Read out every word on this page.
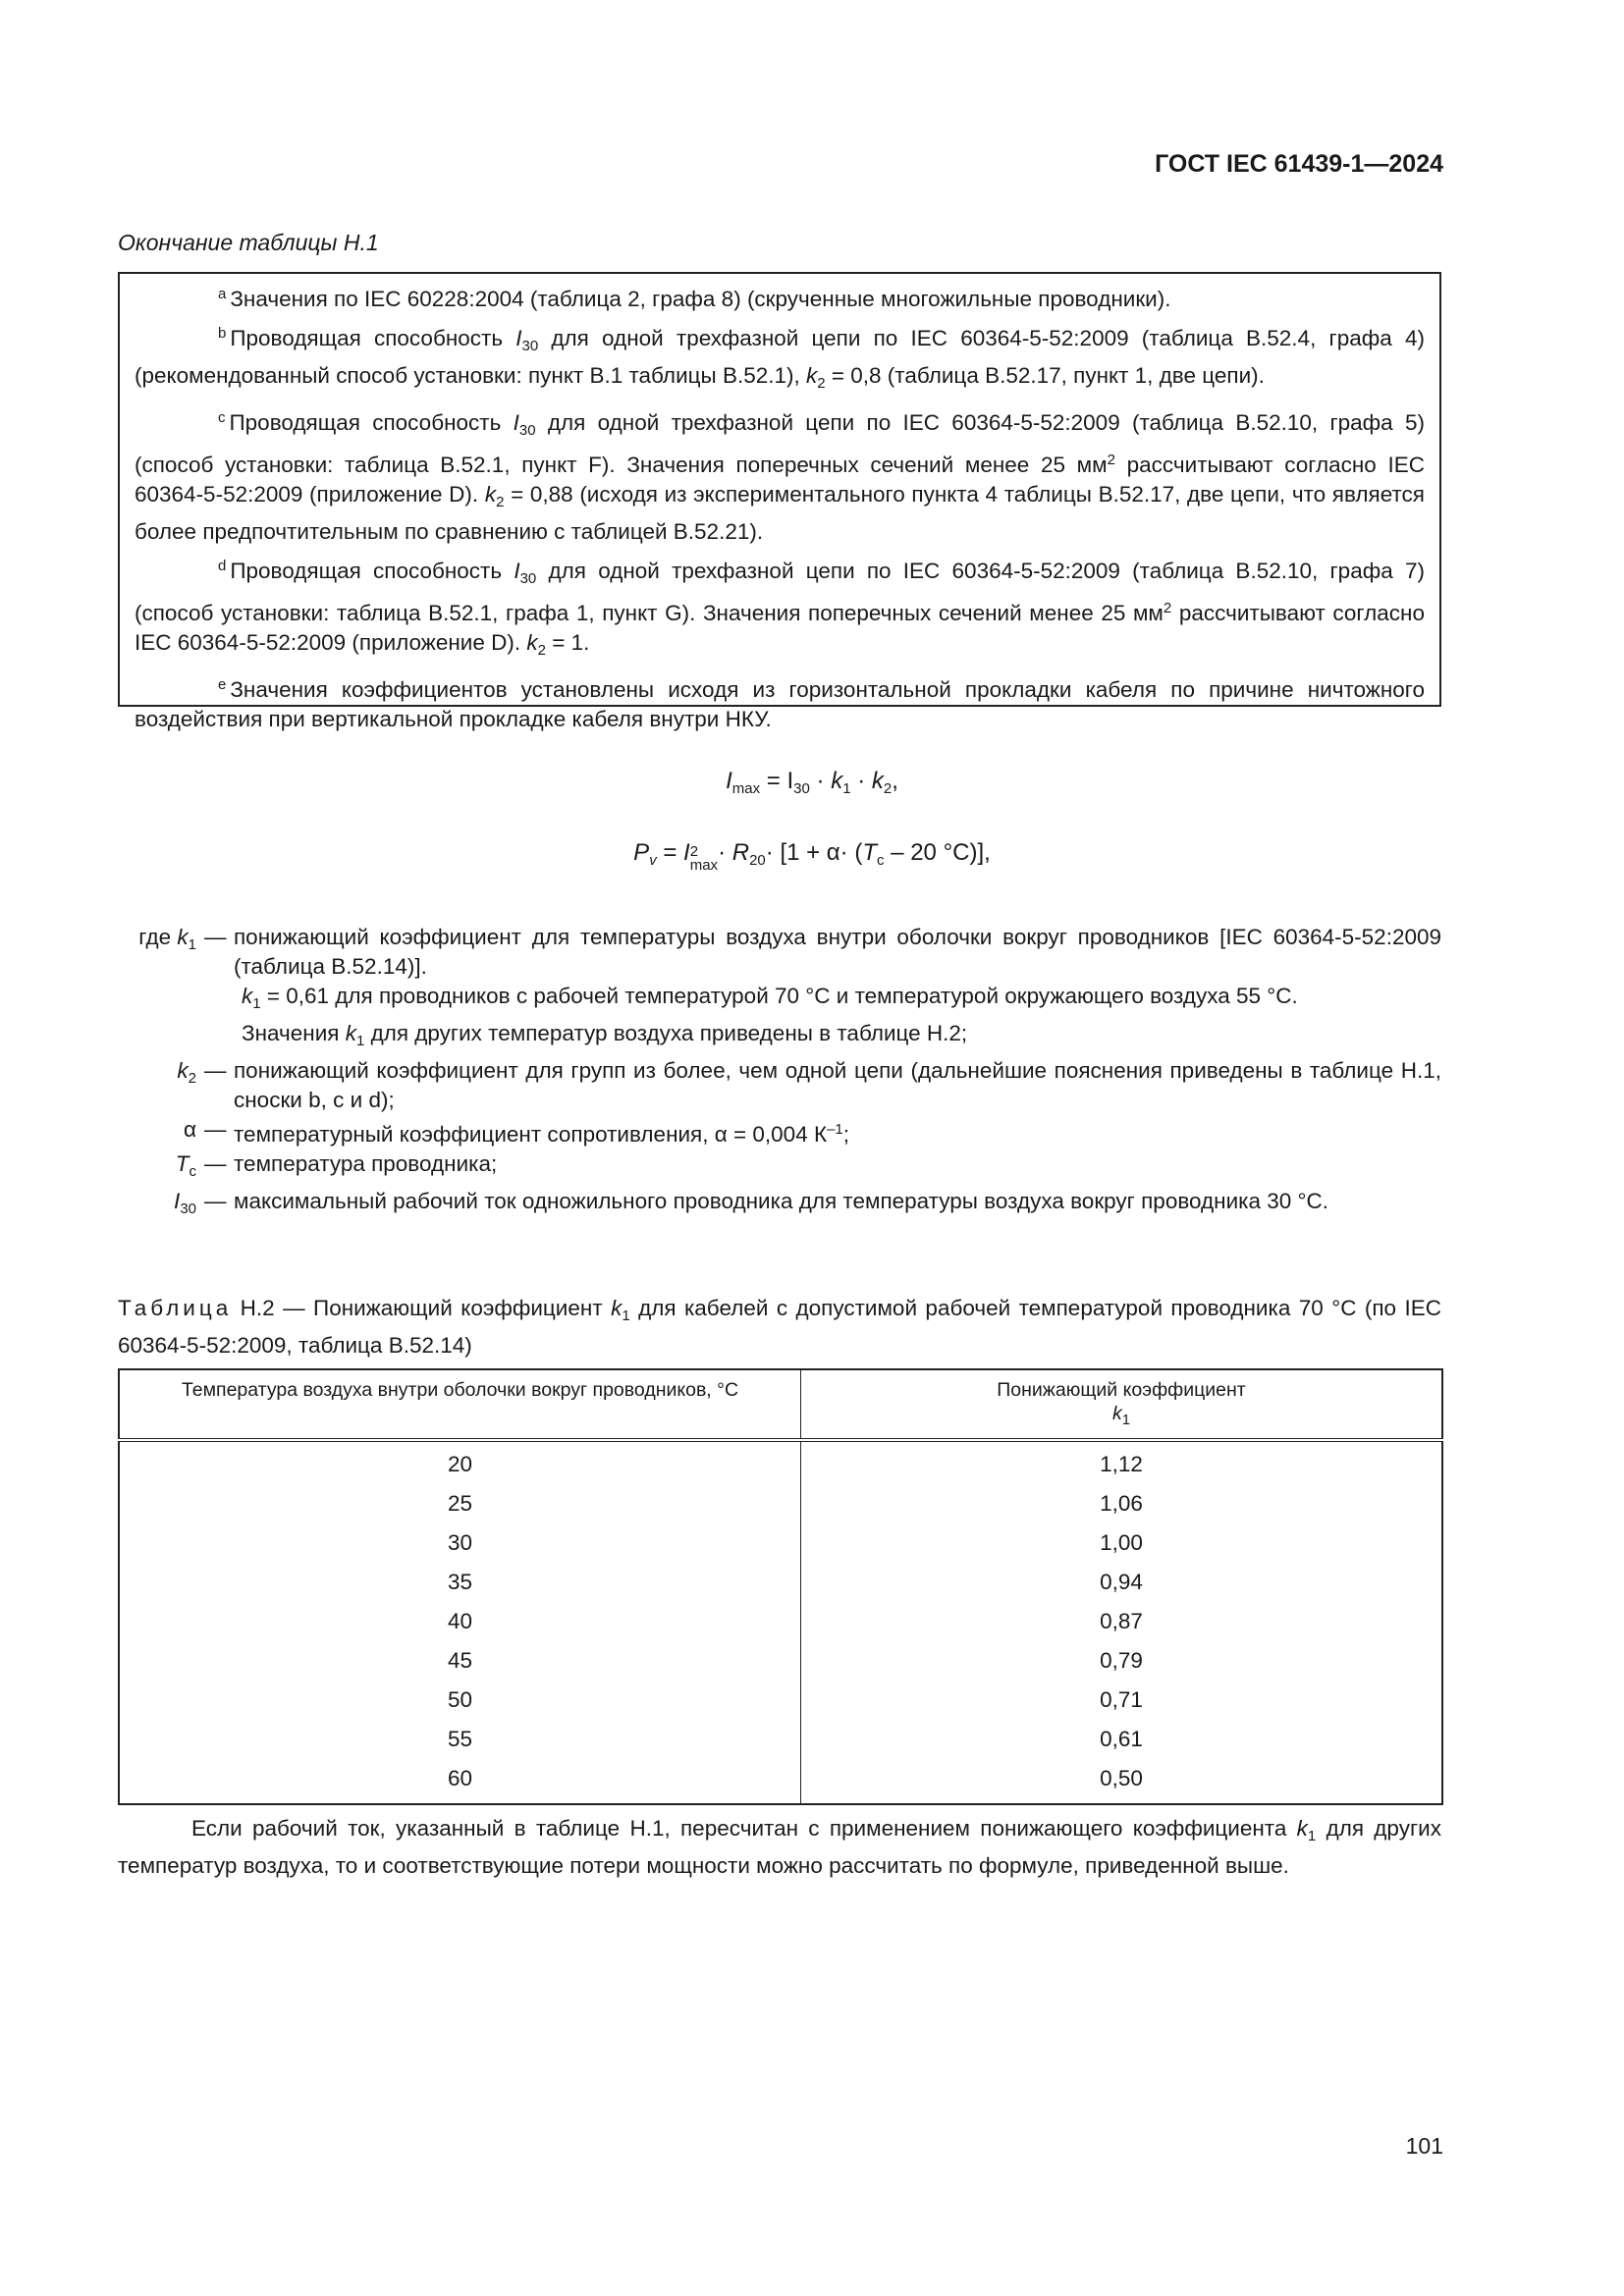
ГОСТ IEC 61439-1—2024
Окончание таблицы Н.1

$^a$ Значения по IEC 60228:2004 (таблица 2, графа 8) (скрученные многожильные проводники).

$^b$ Проводящая способность $I_{30}$ для одной трехфазной цепи по IEC 60364-5-52:2009 (таблица В.52.4, графа 4) (рекомендованный способ установки: пункт В.1 таблицы В.52.1), $k_2 = 0,8$ (таблица В.52.17, пункт 1, две цепи).

$^c$ Проводящая способность $I_{30}$ для одной трехфазной цепи по IEC 60364-5-52:2009 (таблица В.52.10, графа 5) (способ установки: таблица В.52.1, пункт F). Значения поперечных сечений менее 25 $мм^2$ рассчитывают согласно IEC 60364-5-52:2009 (приложение D). $k_2 = 0,88$ (исходя из экспериментального пункта 4 таблицы В.52.17, две цепи, что является более предпочтительным по сравнению с таблицей В.52.21).

$^d$ Проводящая способность $I_{30}$ для одной трехфазной цепи по IEC 60364-5-52:2009 (таблица В.52.10, графа 7) (способ установки: таблица В.52.1, графа 1, пункт G). Значения поперечных сечений менее 25 $мм^2$ рассчитывают согласно IEC 60364-5-52:2009 (приложение D). $k_2 = 1$.

$^e$ Значения коэффициентов установлены исходя из горизонтальной прокладки кабеля по причине ничтожного воздействия при вертикальной прокладке кабеля внутри НКУ.

$I_{max} = I_{30} \cdot k_1 \cdot k_2$,
$P_v = I$ 2
$\max \cdot R_{20}\cdot [1 + \alpha\cdot (T_c - 20$ °C)],
где $k_1$ — понижающий коэффициент для температуры воздуха внутри оболочки вокруг проводников [IEC 60364-5-52:2009 (таблица В.52.14)].
$k_1 = 0,61$ для проводников с рабочей температурой 70 °С и температурой окружающего воздуха 55 °С.
Значения $k_1$ для других температур воздуха приведены в таблице Н.2;
$k_2$ — понижающий коэффициент для групп из более, чем одной цепи (дальнейшие пояснения приведены в таблице Н.1, сноски b, c и d);
α — температурный коэффициент сопротивления, α = 0,004 $К^{-1}$;
$T_c$ — температура проводника;
$I_{30}$ — максимальный рабочий ток одножильного проводника для температуры воздуха вокруг проводника 30 °С.
Таблица Н.2 — Понижающий коэффициент $k_1$ для кабелей с допустимой рабочей температурой проводника 70 °С (по IEC 60364-5-52:2009, таблица В.52.14)
Температура воздуха внутри оболочки вокруг проводников, °С	Понижающий коэффициент
$k_1$
20	1,12
25	1,06
30	1,00
35	0,94
40	0,87
45	0,79
50	0,71
55	0,61
60	0,50
Если рабочий ток, указанный в таблице Н.1, пересчитан с применением понижающего коэффициента $k_1$ для других температур воздуха, то и соответствующие потери мощности можно рассчитать по формуле, приведенной выше.
101
